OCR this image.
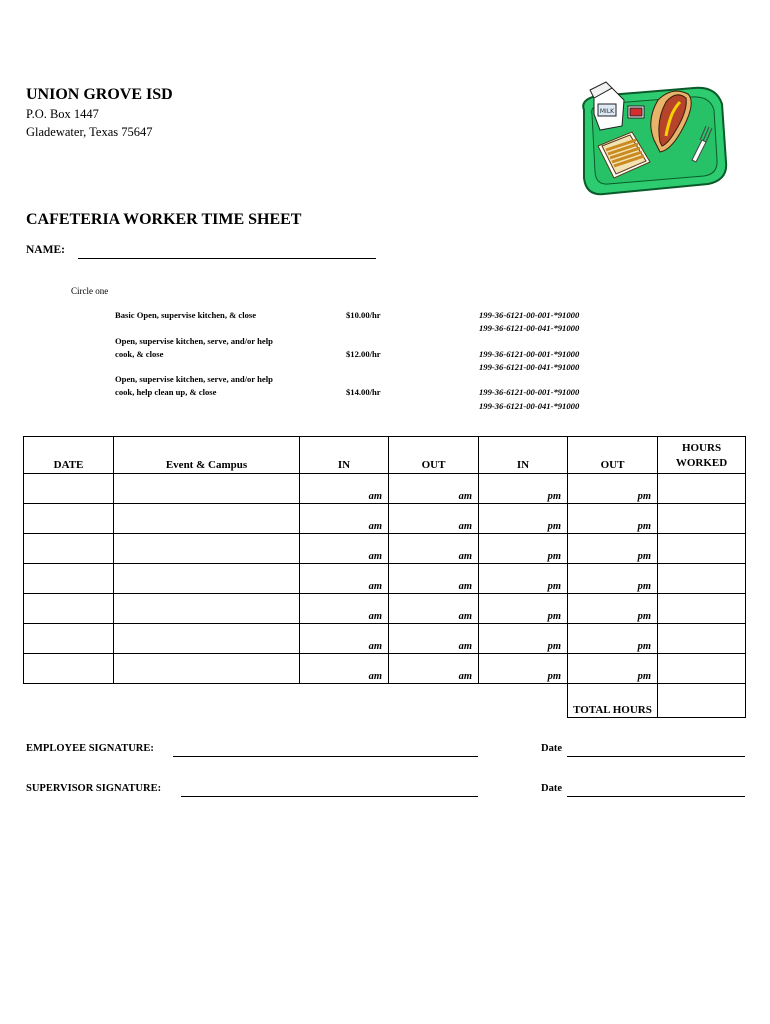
UNION GROVE ISD
P.O. Box 1447
Gladewater, Texas 75647
MILK
CAFETERIA WORKER TIME SHEET
NAME:
Circle one
Basic Open, supervise kitchen, & close	$10.00/hr	199-36-6121-00-001-*91000
199-36-6121-00-041-*91000
Open, supervise kitchen, serve, and/or help
cook, & close	$12.00/hr	199-36-6121-00-001-*91000
199-36-6121-00-041-*91000
Open, supervise kitchen, serve, and/or help
cook, help clean up, & close	$14.00/hr	199-36-6121-00-001-*91000
199-36-6121-00-041-*91000
DATE	Event & Campus	IN	OUT	IN	OUT	HOURS
WORKED

		am	am	pm	pm	
		am	am	pm	pm	
		am	am	pm	pm	
		am	am	pm	pm	
		am	am	pm	pm	
		am	am	pm	pm	
		am	am	pm	pm	
					TOTAL HOURS	
EMPLOYEE SIGNATURE:	Date
SUPERVISOR SIGNATURE:	Date
